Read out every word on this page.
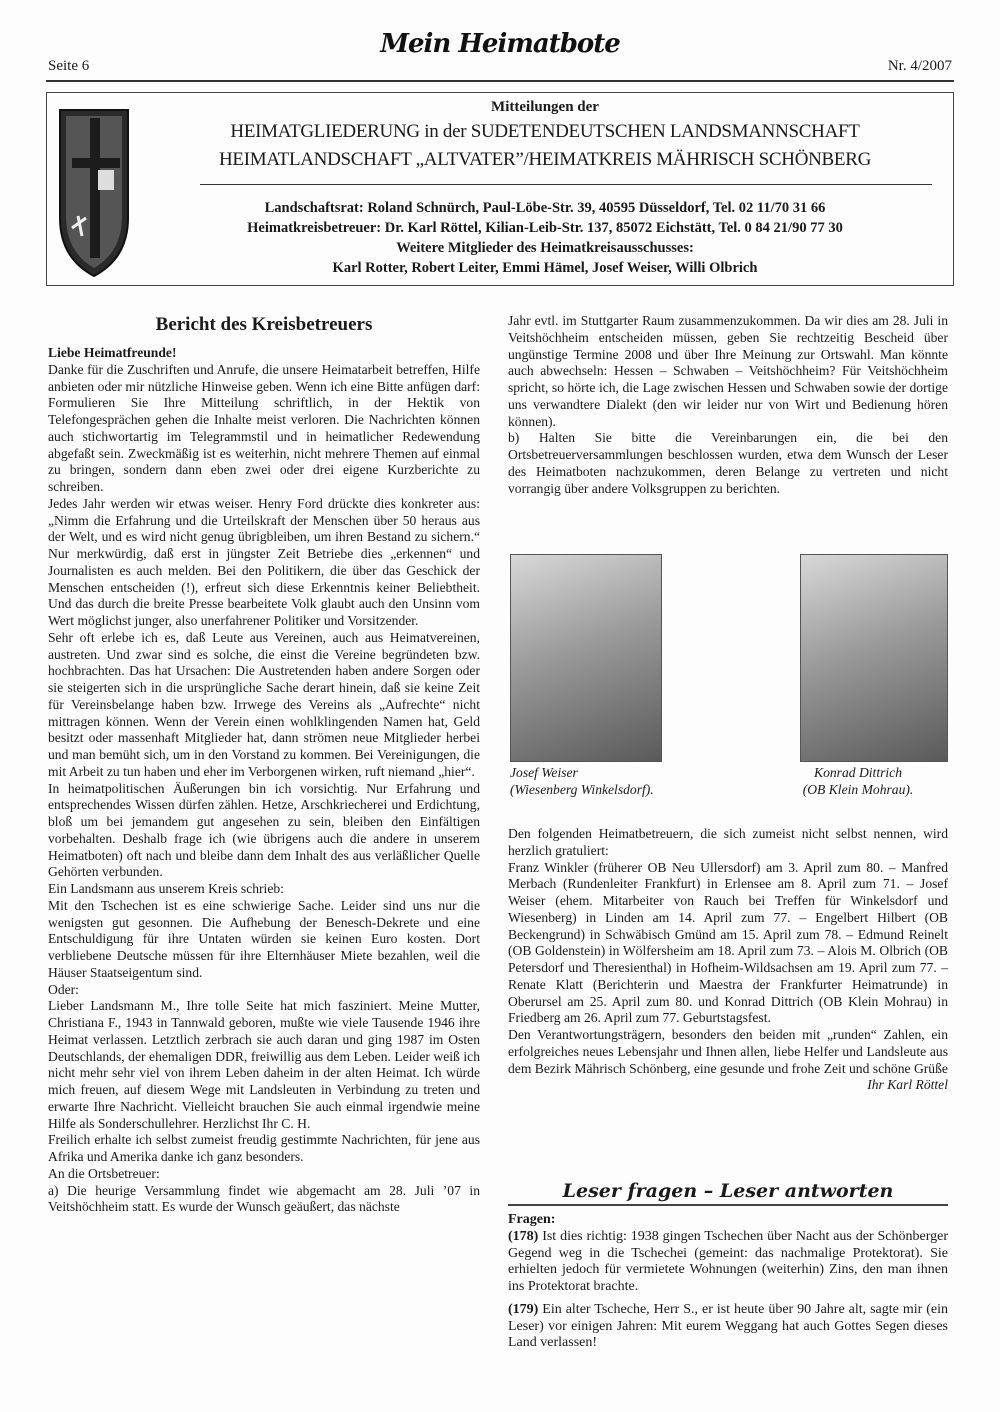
Seite 6
Mein Heimatbote
Nr. 4/2007
Mitteilungen der
HEIMATGLIEDERUNG in der SUDETENDEUTSCHEN LANDSMANNSCHAFT
HEIMATLANDSCHAFT „ALTVATER”/HEIMATKREIS MÄHRISCH SCHÖNBERG
Landschaftsrat: Roland Schnürch, Paul-Löbe-Str. 39, 40595 Düsseldorf, Tel. 02 11/70 31 66
Heimatkreisbetreuer: Dr. Karl Röttel, Kilian-Leib-Str. 137, 85072 Eichstätt, Tel. 0 84 21/90 77 30
Weitere Mitglieder des Heimatkreisausschusses:
Karl Rotter, Robert Leiter, Emmi Hämel, Josef Weiser, Willi Olbrich
Bericht des Kreisbetreuers

Liebe Heimatfreunde!

Danke für die Zuschriften und Anrufe, die unsere Heimatarbeit betreffen, Hilfe anbieten oder mir nützliche Hinweise geben. Wenn ich eine Bitte anfügen darf: Formulieren Sie Ihre Mitteilung schriftlich, in der Hektik von Telefongesprächen gehen die Inhalte meist verloren. Die Nachrichten können auch stichwortartig im Telegrammstil und in heimatlicher Redewendung abgefaßt sein. Zweckmäßig ist es weiterhin, nicht mehrere Themen auf einmal zu bringen, sondern dann eben zwei oder drei eigene Kurzberichte zu schreiben.

Jedes Jahr werden wir etwas weiser. Henry Ford drückte dies konkreter aus: „Nimm die Erfahrung und die Urteilskraft der Menschen über 50 heraus aus der Welt, und es wird nicht genug übrigbleiben, um ihren Bestand zu sichern.“ Nur merkwürdig, daß erst in jüngster Zeit Betriebe dies „erkennen“ und Journalisten es auch melden. Bei den Politikern, die über das Geschick der Menschen entscheiden (!), erfreut sich diese Erkenntnis keiner Beliebtheit. Und das durch die breite Presse bearbeitete Volk glaubt auch den Unsinn vom Wert möglichst junger, also unerfahrener Politiker und Vorsitzender.

Sehr oft erlebe ich es, daß Leute aus Vereinen, auch aus Heimatvereinen, austreten. Und zwar sind es solche, die einst die Vereine begründeten bzw. hochbrachten. Das hat Ursachen: Die Austretenden haben andere Sorgen oder sie steigerten sich in die ursprüngliche Sache derart hinein, daß sie keine Zeit für Vereinsbelange haben bzw. Irrwege des Vereins als „Aufrechte“ nicht mittragen können. Wenn der Verein einen wohlklingenden Namen hat, Geld besitzt oder massenhaft Mitglieder hat, dann strömen neue Mitglieder herbei und man bemüht sich, um in den Vorstand zu kommen. Bei Vereinigungen, die mit Arbeit zu tun haben und eher im Verborgenen wirken, ruft niemand „hier“.

In heimatpolitischen Äußerungen bin ich vorsichtig. Nur Erfahrung und entsprechendes Wissen dürfen zählen. Hetze, Arschkriecherei und Erdichtung, bloß um bei jemandem gut angesehen zu sein, bleiben den Einfältigen vorbehalten. Deshalb frage ich (wie übrigens auch die andere in unserem Heimatboten) oft nach und bleibe dann dem Inhalt des aus verläßlicher Quelle Gehörten verbunden.

Ein Landsmann aus unserem Kreis schrieb:

Mit den Tschechen ist es eine schwierige Sache. Leider sind uns nur die wenigsten gut gesonnen. Die Aufhebung der Benesch-Dekrete und eine Entschuldigung für ihre Untaten würden sie keinen Euro kosten. Dort verbliebene Deutsche müssen für ihre Elternhäuser Miete bezahlen, weil die Häuser Staatseigentum sind.

Oder:

Lieber Landsmann M., Ihre tolle Seite hat mich fasziniert. Meine Mutter, Christiana F., 1943 in Tannwald geboren, mußte wie viele Tausende 1946 ihre Heimat verlassen. Letztlich zerbrach sie auch daran und ging 1987 im Osten Deutschlands, der ehemaligen DDR, freiwillig aus dem Leben. Leider weiß ich nicht mehr sehr viel von ihrem Leben daheim in der alten Heimat. Ich würde mich freuen, auf diesem Wege mit Landsleuten in Verbindung zu treten und erwarte Ihre Nachricht. Vielleicht brauchen Sie auch einmal irgendwie meine Hilfe als Sonderschullehrer. Herzlichst Ihr C. H.

Freilich erhalte ich selbst zumeist freudig gestimmte Nachrichten, für jene aus Afrika und Amerika danke ich ganz besonders.

An die Ortsbetreuer:

a) Die heurige Versammlung findet wie abgemacht am 28. Juli ’07 in Veitshöchheim statt. Es wurde der Wunsch geäußert, das nächste

Jahr evtl. im Stuttgarter Raum zusammenzukommen. Da wir dies am 28. Juli in Veitshöchheim entscheiden müssen, geben Sie rechtzeitig Bescheid über ungünstige Termine 2008 und über Ihre Meinung zur Ortswahl. Man könnte auch abwechseln: Hessen – Schwaben – Veitshöchheim? Für Veitshöchheim spricht, so hörte ich, die Lage zwischen Hessen und Schwaben sowie der dortige uns verwandtere Dialekt (den wir leider nur von Wirt und Bedienung hören können).

b) Halten Sie bitte die Vereinbarungen ein, die bei den Ortsbetreuerversammlungen beschlossen wurden, etwa dem Wunsch der Leser des Heimatboten nachzukommen, deren Belange zu vertreten und nicht vorrangig über andere Volksgruppen zu berichten.

Josef Weiser
(Wiesenberg Winkelsdorf).
Konrad Dittrich
(OB Klein Mohrau).

Den folgenden Heimatbetreuern, die sich zumeist nicht selbst nennen, wird herzlich gratuliert:

Franz Winkler (früherer OB Neu Ullersdorf) am 3. April zum 80. – Manfred Merbach (Rundenleiter Frankfurt) in Erlensee am 8. April zum 71. – Josef Weiser (ehem. Mitarbeiter von Rauch bei Treffen für Winkelsdorf und Wiesenberg) in Linden am 14. April zum 77. – Engelbert Hilbert (OB Beckengrund) in Schwäbisch Gmünd am 15. April zum 78. – Edmund Reinelt (OB Goldenstein) in Wölfersheim am 18. April zum 73. – Alois M. Olbrich (OB Petersdorf und Theresienthal) in Hofheim-Wildsachsen am 19. April zum 77. – Renate Klatt (Berichterin und Maestra der Frankfurter Heimatrunde) in Oberursel am 25. April zum 80. und Konrad Dittrich (OB Klein Mohrau) in Friedberg am 26. April zum 77. Geburtstagsfest.

Den Verantwortungsträgern, besonders den beiden mit „runden“ Zahlen, ein erfolgreiches neues Lebensjahr und Ihnen allen, liebe Helfer und Landsleute aus dem Bezirk Mährisch Schönberg, eine gesunde und frohe Zeit und schöne Grüße

Ihr Karl Röttel

Leser fragen – Leser antworten

Fragen:

(178) Ist dies richtig: 1938 gingen Tschechen über Nacht aus der Schönberger Gegend weg in die Tschechei (gemeint: das nachmalige Protektorat). Sie erhielten jedoch für vermietete Wohnungen (weiterhin) Zins, den man ihnen ins Protektorat brachte.

(179) Ein alter Tscheche, Herr S., er ist heute über 90 Jahre alt, sagte mir (ein Leser) vor einigen Jahren: Mit eurem Weggang hat auch Gottes Segen dieses Land verlassen!
